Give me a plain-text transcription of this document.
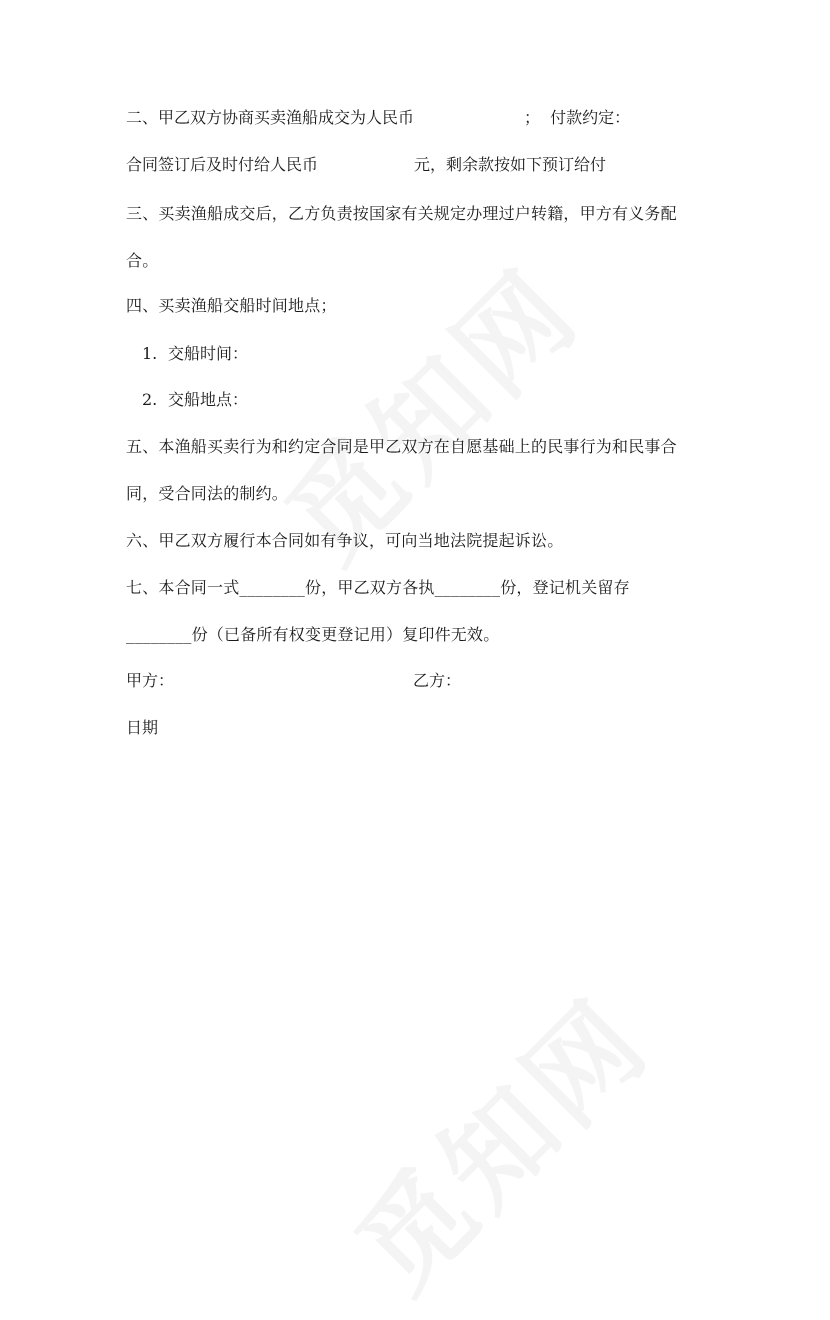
二、甲乙双方协商买卖渔船成交为人民币	；  付款约定：
合同签订后及时付给人民币	元，剩余款按如下预订给付
三、买卖渔船成交后，乙方负责按国家有关规定办理过户转籍，甲方有义务配
合。
四、买卖渔船交船时间地点；
1. 交船时间：
2. 交船地点：
五、本渔船买卖行为和约定合同是甲乙双方在自愿基础上的民事行为和民事合
同，受合同法的制约。
六、甲乙双方履行本合同如有争议，可向当地法院提起诉讼。
七、本合同一式________份，甲乙双方各执________份，登记机关留存
________份（已备所有权变更登记用）复印件无效。
甲方：	乙方：
日期
